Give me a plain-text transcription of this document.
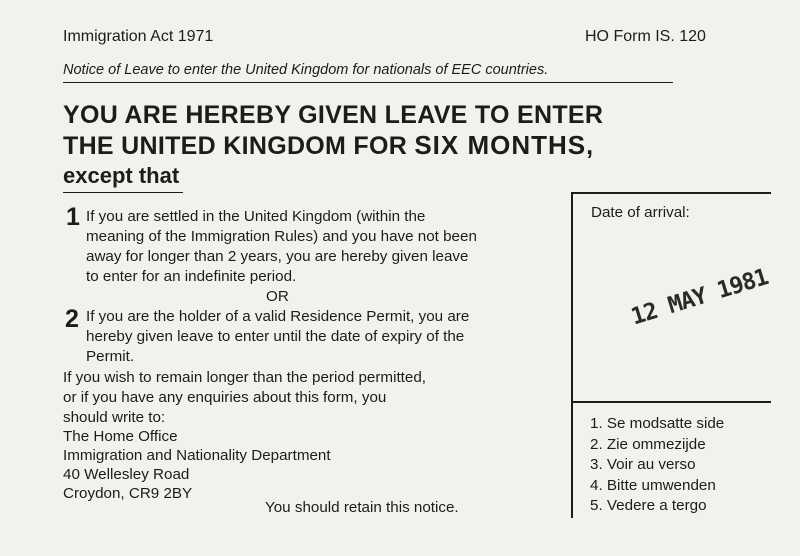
Immigration Act 1971	HO Form IS. 120
Notice of Leave to enter the United Kingdom for nationals of EEC countries.
YOU ARE HEREBY GIVEN LEAVE TO ENTER
THE UNITED KINGDOM FOR SIX MONTHS,
except that
1 If you are settled in the United Kingdom (within the
meaning of the Immigration Rules) and you have not been
away for longer than 2 years, you are hereby given leave
to enter for an indefinite period.
OR
2 If you are the holder of a valid Residence Permit, you are
hereby given leave to enter until the date of expiry of the
Permit.
If you wish to remain longer than the period permitted,
or if you have any enquiries about this form, you
should write to:
The Home Office
Immigration and Nationality Department
40 Wellesley Road
Croydon, CR9 2BY
You should retain this notice.
Date of arrival:
12 MAY 1981
1. Se modsatte side
2. Zie ommezijde
3. Voir au verso
4. Bitte umwenden
5. Vedere a tergo
